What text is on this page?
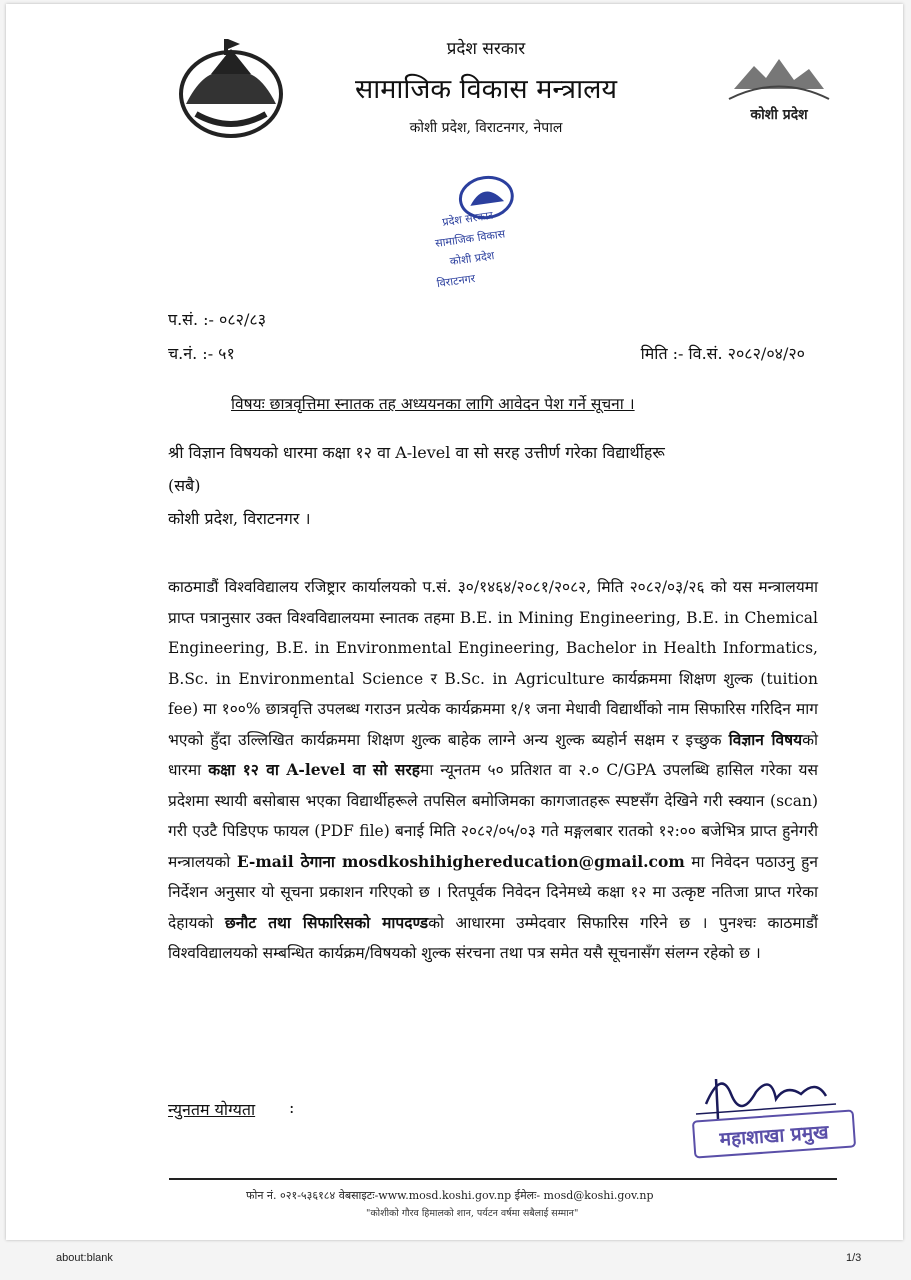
प्रदेश सरकार
सामाजिक विकास मन्त्रालय
कोशी प्रदेश, विराटनगर, नेपाल
कोशी प्रदेश
प्रदेश सरकार
सामाजिक विकास
कोशी प्रदेश
विराटनगर
प.सं. :- ०८२/८३
च.नं. :- ५१	मिति :- वि.सं. २०८२/०४/२०
विषयः छात्रवृत्तिमा स्नातक तह अध्ययनका लागि आवेदन पेश गर्ने सूचना ।
श्री विज्ञान विषयको धारमा कक्षा १२ वा A-level वा सो सरह उत्तीर्ण गरेका विद्यार्थीहरू
(सबै)
कोशी प्रदेश, विराटनगर ।
काठमाडौं विश्वविद्यालय रजिष्ट्रार कार्यालयको प.सं. ३०/१४६४/२०८१/२०८२, मिति २०८२/०३/२६ को यस मन्त्रालयमा प्राप्त पत्रानुसार उक्त विश्वविद्यालयमा स्नातक तहमा B.E. in Mining Engineering, B.E. in Chemical Engineering, B.E. in Environmental Engineering, Bachelor in Health Informatics, B.Sc. in Environmental Science र B.Sc. in Agriculture कार्यक्रममा शिक्षण शुल्क (tuition fee) मा १००% छात्रवृत्ति उपलब्ध गराउन प्रत्येक कार्यक्रममा १/१ जना मेधावी विद्यार्थीको नाम सिफारिस गरिदिन माग भएको हुँदा उल्लिखित कार्यक्रममा शिक्षण शुल्क बाहेक लाग्ने अन्य शुल्क ब्यहोर्न सक्षम र इच्छुक विज्ञान विषयको धारमा कक्षा १२ वा A-level वा सो सरहमा न्यूनतम ५० प्रतिशत वा २.० C/GPA उपलब्धि हासिल गरेका यस प्रदेशमा स्थायी बसोबास भएका विद्यार्थीहरूले तपसिल बमोजिमका कागजातहरू स्पष्टसँग देखिने गरी स्क्यान (scan) गरी एउटै पिडिएफ फायल (PDF file) बनाई मिति २०८२/०५/०३ गते मङ्गलबार रातको १२:०० बजेभित्र प्राप्त हुनेगरी मन्त्रालयको E-mail ठेगाना mosdkoshihighereducation@gmail.com मा निवेदन पठाउनु हुन निर्देशन अनुसार यो सूचना प्रकाशन गरिएको छ । रितपूर्वक निवेदन दिनेमध्ये कक्षा १२ मा उत्कृष्ट नतिजा प्राप्त गरेका देहायको छनौट तथा सिफारिसको मापदण्डको आधारमा उम्मेदवार सिफारिस गरिने छ । पुनश्चः काठमाडौं विश्वविद्यालयको सम्बन्धित कार्यक्रम/विषयको शुल्क संरचना तथा पत्र समेत यसै सूचनासँग संलग्न रहेको छ ।
न्युनतम योग्यता :
महाशाखा प्रमुख
फोन नं. ०२१-५३६१८४ वेबसाइटः-www.mosd.koshi.gov.np ईमेलः- mosd@koshi.gov.np
"कोशीको गौरव हिमालको शान, पर्यटन वर्षमा सबैलाई सम्मान"
about:blank	1/3
